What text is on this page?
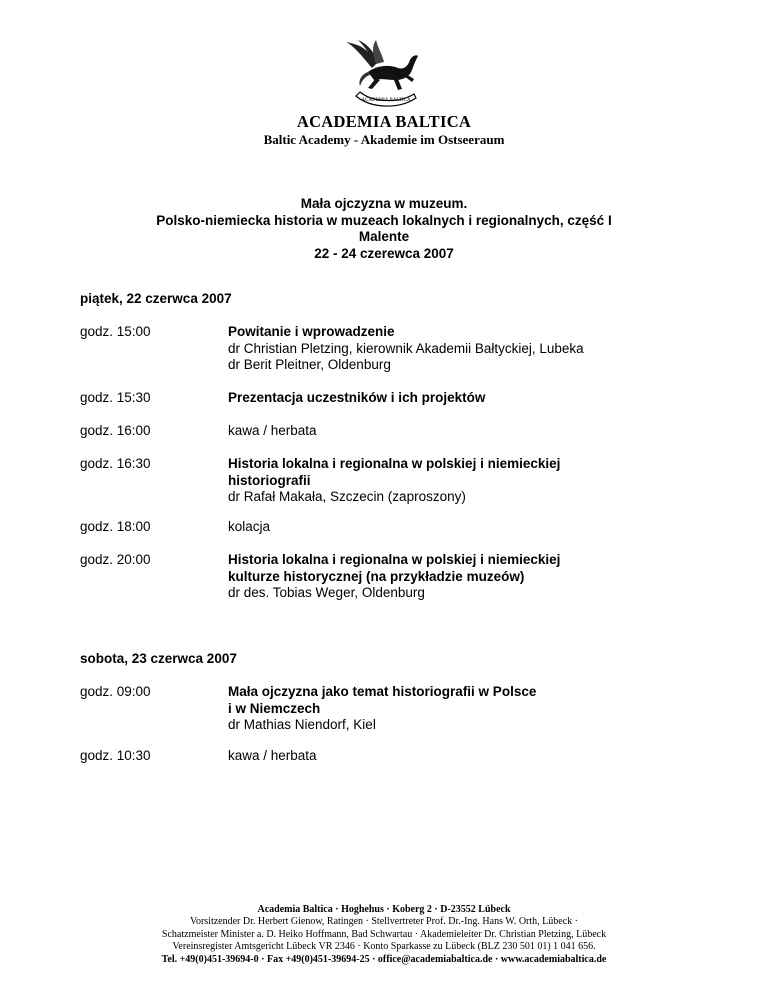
ACADEMIA BALTICA
ACADEMIA BALTICA
Baltic Academy - Akademie im Ostseeraum
Mała ojczyzna w muzeum.
Polsko-niemiecka historia w muzeach lokalnych i regionalnych, część I
Malente
22 - 24 czerewca 2007
piątek, 22 czerwca 2007
godz. 15:00	Powitanie i wprowadzenie
dr Christian Pletzing, kierownik Akademii Bałtyckiej, Lubeka
dr Berit Pleitner, Oldenburg
godz. 15:30	Prezentacja uczestników i ich projektów
godz. 16:00	kawa / herbata
godz. 16:30	Historia lokalna i regionalna w polskiej i niemieckiej
historiografii
dr Rafał Makała, Szczecin (zaproszony)
godz. 18:00	kolacja
godz. 20:00	Historia lokalna i regionalna w polskiej i niemieckiej
kulturze historycznej (na przykładzie muzeów)
dr des. Tobias Weger, Oldenburg
sobota, 23 czerwca 2007
godz. 09:00	Mała ojczyzna jako temat historiografii w Polsce
i w Niemczech
dr Mathias Niendorf, Kiel
godz. 10:30	kawa / herbata
Academia Baltica · Hoghehus · Koberg 2 · D-23552 Lübeck
Vorsitzender Dr. Herbert Gienow, Ratingen · Stellvertreter Prof. Dr.-Ing. Hans W. Orth, Lübeck ·
Schatzmeister Minister a. D. Heiko Hoffmann, Bad Schwartau · Akademieleiter Dr. Christian Pletzing, Lübeck
Vereinsregister Amtsgericht Lübeck VR 2346 · Konto Sparkasse zu Lübeck (BLZ 230 501 01) 1 041 656.
Tel. +49(0)451-39694-0 · Fax +49(0)451-39694-25 · office@academiabaltica.de · www.academiabaltica.de
